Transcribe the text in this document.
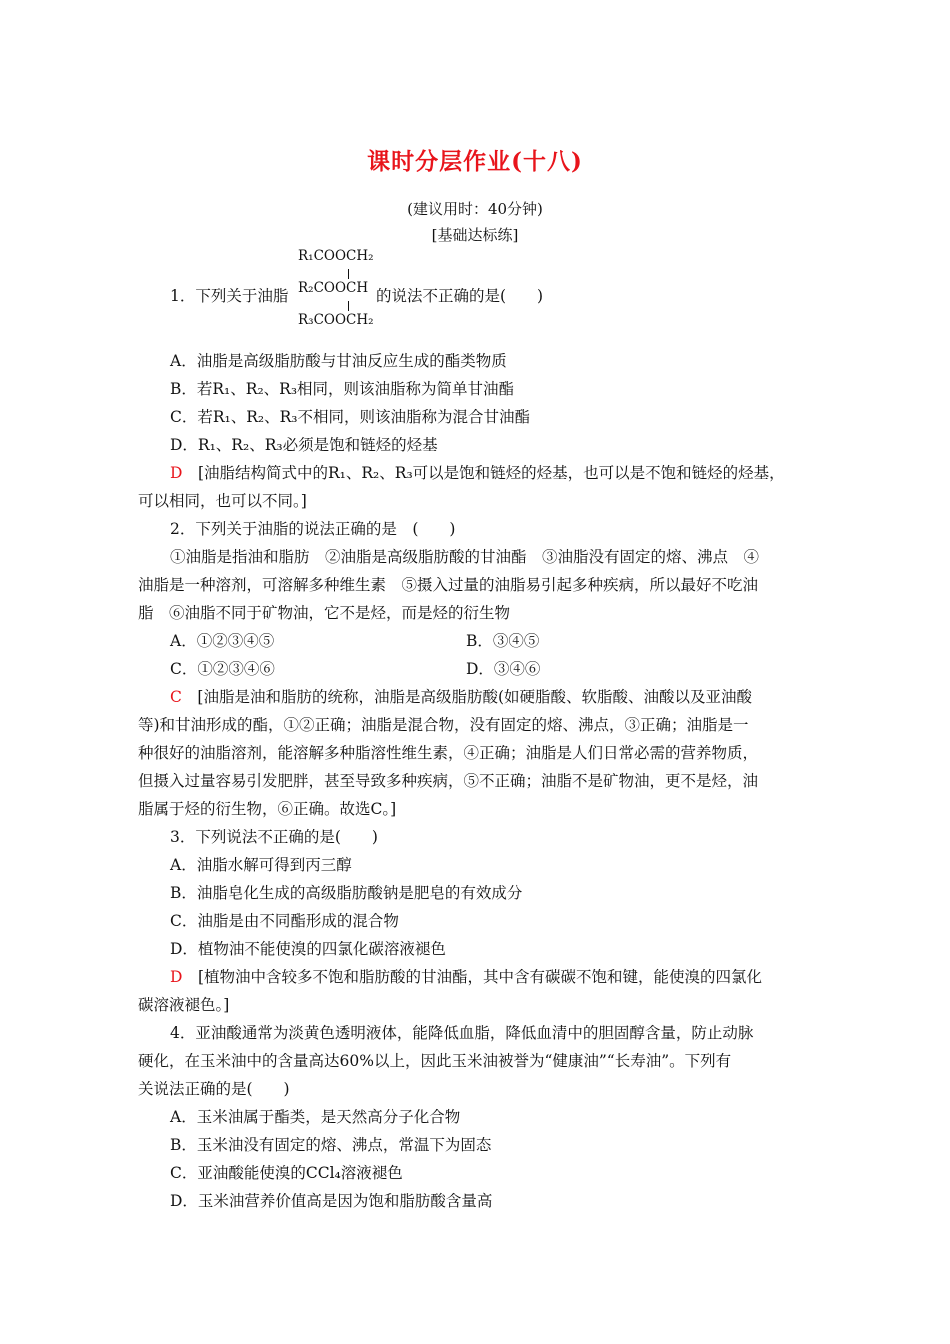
课时分层作业(十八)
(建议用时：40分钟)
[基础达标练]
R₁COOCH₂
R₂COOCH
R₃COOCH₂
1．下列关于油脂	的说法不正确的是(　　)
A．油脂是高级脂肪酸与甘油反应生成的酯类物质
B．若R₁、R₂、R₃相同，则该油脂称为简单甘油酯
C．若R₁、R₂、R₃不相同，则该油脂称为混合甘油酯
D．R₁、R₂、R₃必须是饱和链烃的烃基
D　 [油脂结构简式中的R₁、R₂、R₃可以是饱和链烃的烃基，也可以是不饱和链烃的烃基，
可以相同，也可以不同。]
2．下列关于油脂的说法正确的是　(　　)
①油脂是指油和脂肪　②油脂是高级脂肪酸的甘油酯　③油脂没有固定的熔、沸点　④
油脂是一种溶剂，可溶解多种维生素　⑤摄入过量的油脂易引起多种疾病，所以最好不吃油
脂　⑥油脂不同于矿物油，它不是烃，而是烃的衍生物
A．①②③④⑤	B．③④⑤
C．①②③④⑥	D．③④⑥
C　 [油脂是油和脂肪的统称，油脂是高级脂肪酸(如硬脂酸、软脂酸、油酸以及亚油酸
等)和甘油形成的酯，①②正确；油脂是混合物，没有固定的熔、沸点，③正确；油脂是一
种很好的油脂溶剂，能溶解多种脂溶性维生素，④正确；油脂是人们日常必需的营养物质，
但摄入过量容易引发肥胖，甚至导致多种疾病，⑤不正确；油脂不是矿物油，更不是烃，油
脂属于烃的衍生物，⑥正确。故选C。]
3．下列说法不正确的是(　　)
A．油脂水解可得到丙三醇
B．油脂皂化生成的高级脂肪酸钠是肥皂的有效成分
C．油脂是由不同酯形成的混合物
D．植物油不能使溴的四氯化碳溶液褪色
D　 [植物油中含较多不饱和脂肪酸的甘油酯，其中含有碳碳不饱和键，能使溴的四氯化
碳溶液褪色。]
4．亚油酸通常为淡黄色透明液体，能降低血脂，降低血清中的胆固醇含量，防止动脉
硬化，在玉米油中的含量高达60%以上，因此玉米油被誉为“健康油”“长寿油”。下列有
关说法正确的是(　　)
A．玉米油属于酯类，是天然高分子化合物
B．玉米油没有固定的熔、沸点，常温下为固态
C．亚油酸能使溴的CCl₄溶液褪色
D．玉米油营养价值高是因为饱和脂肪酸含量高
